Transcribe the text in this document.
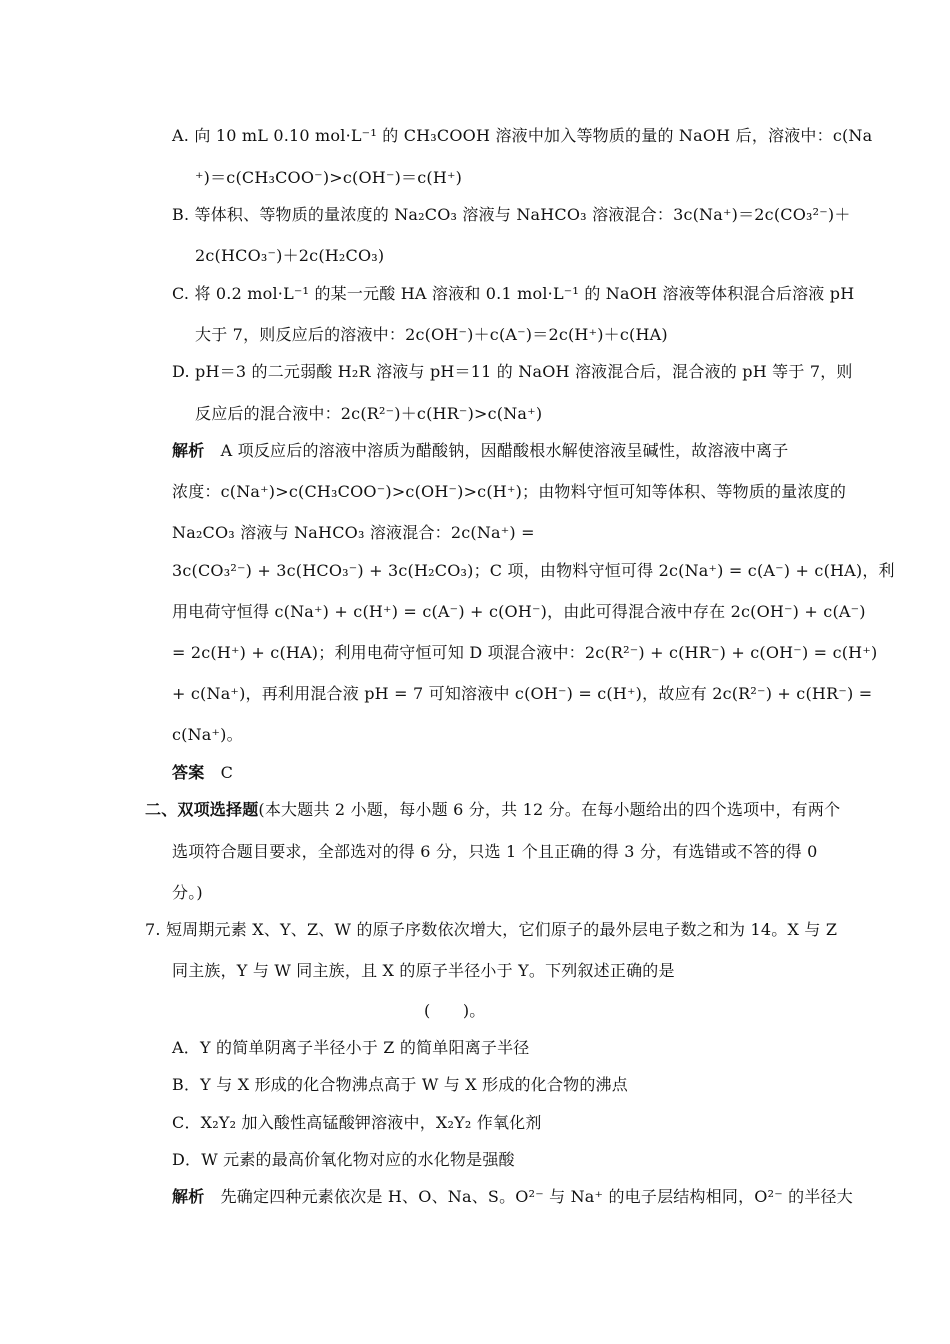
A. 向 10 mL 0.10 mol·L⁻¹ 的 CH₃COOH 溶液中加入等物质的量的 NaOH 后，溶液中：c(Na
⁺)＝c(CH₃COO⁻)>c(OH⁻)＝c(H⁺)
B. 等体积、等物质的量浓度的 Na₂CO₃ 溶液与 NaHCO₃ 溶液混合：3c(Na⁺)＝2c(CO₃²⁻)＋
2c(HCO₃⁻)＋2c(H₂CO₃)
C. 将 0.2 mol·L⁻¹ 的某一元酸 HA 溶液和 0.1 mol·L⁻¹ 的 NaOH 溶液等体积混合后溶液 pH
大于 7，则反应后的溶液中：2c(OH⁻)＋c(A⁻)＝2c(H⁺)＋c(HA)
D. pH＝3 的二元弱酸 H₂R 溶液与 pH＝11 的 NaOH 溶液混合后，混合液的 pH 等于 7，则
反应后的混合液中：2c(R²⁻)＋c(HR⁻)>c(Na⁺)
解析　A 项反应后的溶液中溶质为醋酸钠，因醋酸根水解使溶液呈碱性，故溶液中离子
浓度：c(Na⁺)>c(CH₃COO⁻)>c(OH⁻)>c(H⁺)；由物料守恒可知等体积、等物质的量浓度的
Na₂CO₃ 溶液与 NaHCO₃ 溶液混合：2c(Na⁺) =
3c(CO₃²⁻) + 3c(HCO₃⁻) + 3c(H₂CO₃)；C 项，由物料守恒可得 2c(Na⁺) = c(A⁻) + c(HA)，利
用电荷守恒得 c(Na⁺) + c(H⁺) = c(A⁻) + c(OH⁻)，由此可得混合液中存在 2c(OH⁻) + c(A⁻)
= 2c(H⁺) + c(HA)；利用电荷守恒可知 D 项混合液中：2c(R²⁻) + c(HR⁻) + c(OH⁻) = c(H⁺)
+ c(Na⁺)，再利用混合液 pH = 7 可知溶液中 c(OH⁻) = c(H⁺)，故应有 2c(R²⁻) + c(HR⁻) =
c(Na⁺)。
答案　C
二、双项选择题(本大题共 2 小题，每小题 6 分，共 12 分。在每小题给出的四个选项中，有两个
选项符合题目要求，全部选对的得 6 分，只选 1 个且正确的得 3 分，有选错或不答的得 0
分。)
7. 短周期元素 X、Y、Z、W 的原子序数依次增大，它们原子的最外层电子数之和为 14。X 与 Z
同主族，Y 与 W 同主族，且 X 的原子半径小于 Y。下列叙述正确的是
(　　)。
A．Y 的简单阴离子半径小于 Z 的简单阳离子半径
B．Y 与 X 形成的化合物沸点高于 W 与 X 形成的化合物的沸点
C．X₂Y₂ 加入酸性高锰酸钾溶液中，X₂Y₂ 作氧化剂
D．W 元素的最高价氧化物对应的水化物是强酸
解析　先确定四种元素依次是 H、O、Na、S。O²⁻ 与 Na⁺ 的电子层结构相同，O²⁻ 的半径大
